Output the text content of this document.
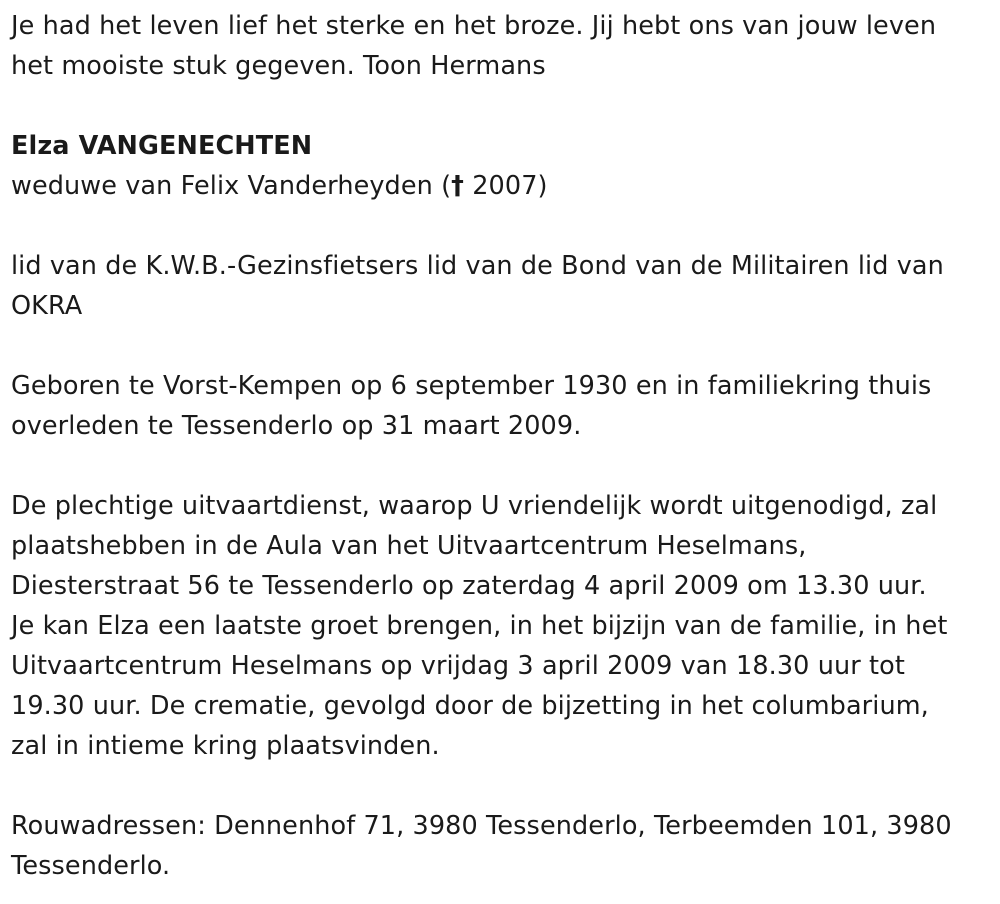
Je had het leven lief het sterke en het broze. Jij hebt ons van jouw leven
het mooiste stuk gegeven. Toon Hermans
Elza VANGENECHTEN
weduwe van Felix Vanderheyden († 2007)
lid van de K.W.B.-Gezinsfietsers lid van de Bond van de Militairen lid van
OKRA
Geboren te Vorst-Kempen op 6 september 1930 en in familiekring thuis
overleden te Tessenderlo op 31 maart 2009.
De plechtige uitvaartdienst, waarop U vriendelijk wordt uitgenodigd, zal
plaatshebben in de Aula van het Uitvaartcentrum Heselmans,
Diesterstraat 56 te Tessenderlo op zaterdag 4 april 2009 om 13.30 uur.
Je kan Elza een laatste groet brengen, in het bijzijn van de familie, in het
Uitvaartcentrum Heselmans op vrijdag 3 april 2009 van 18.30 uur tot
19.30 uur. De crematie, gevolgd door de bijzetting in het columbarium,
zal in intieme kring plaatsvinden.
Rouwadressen: Dennenhof 71, 3980 Tessenderlo, Terbeemden 101, 3980
Tessenderlo.
